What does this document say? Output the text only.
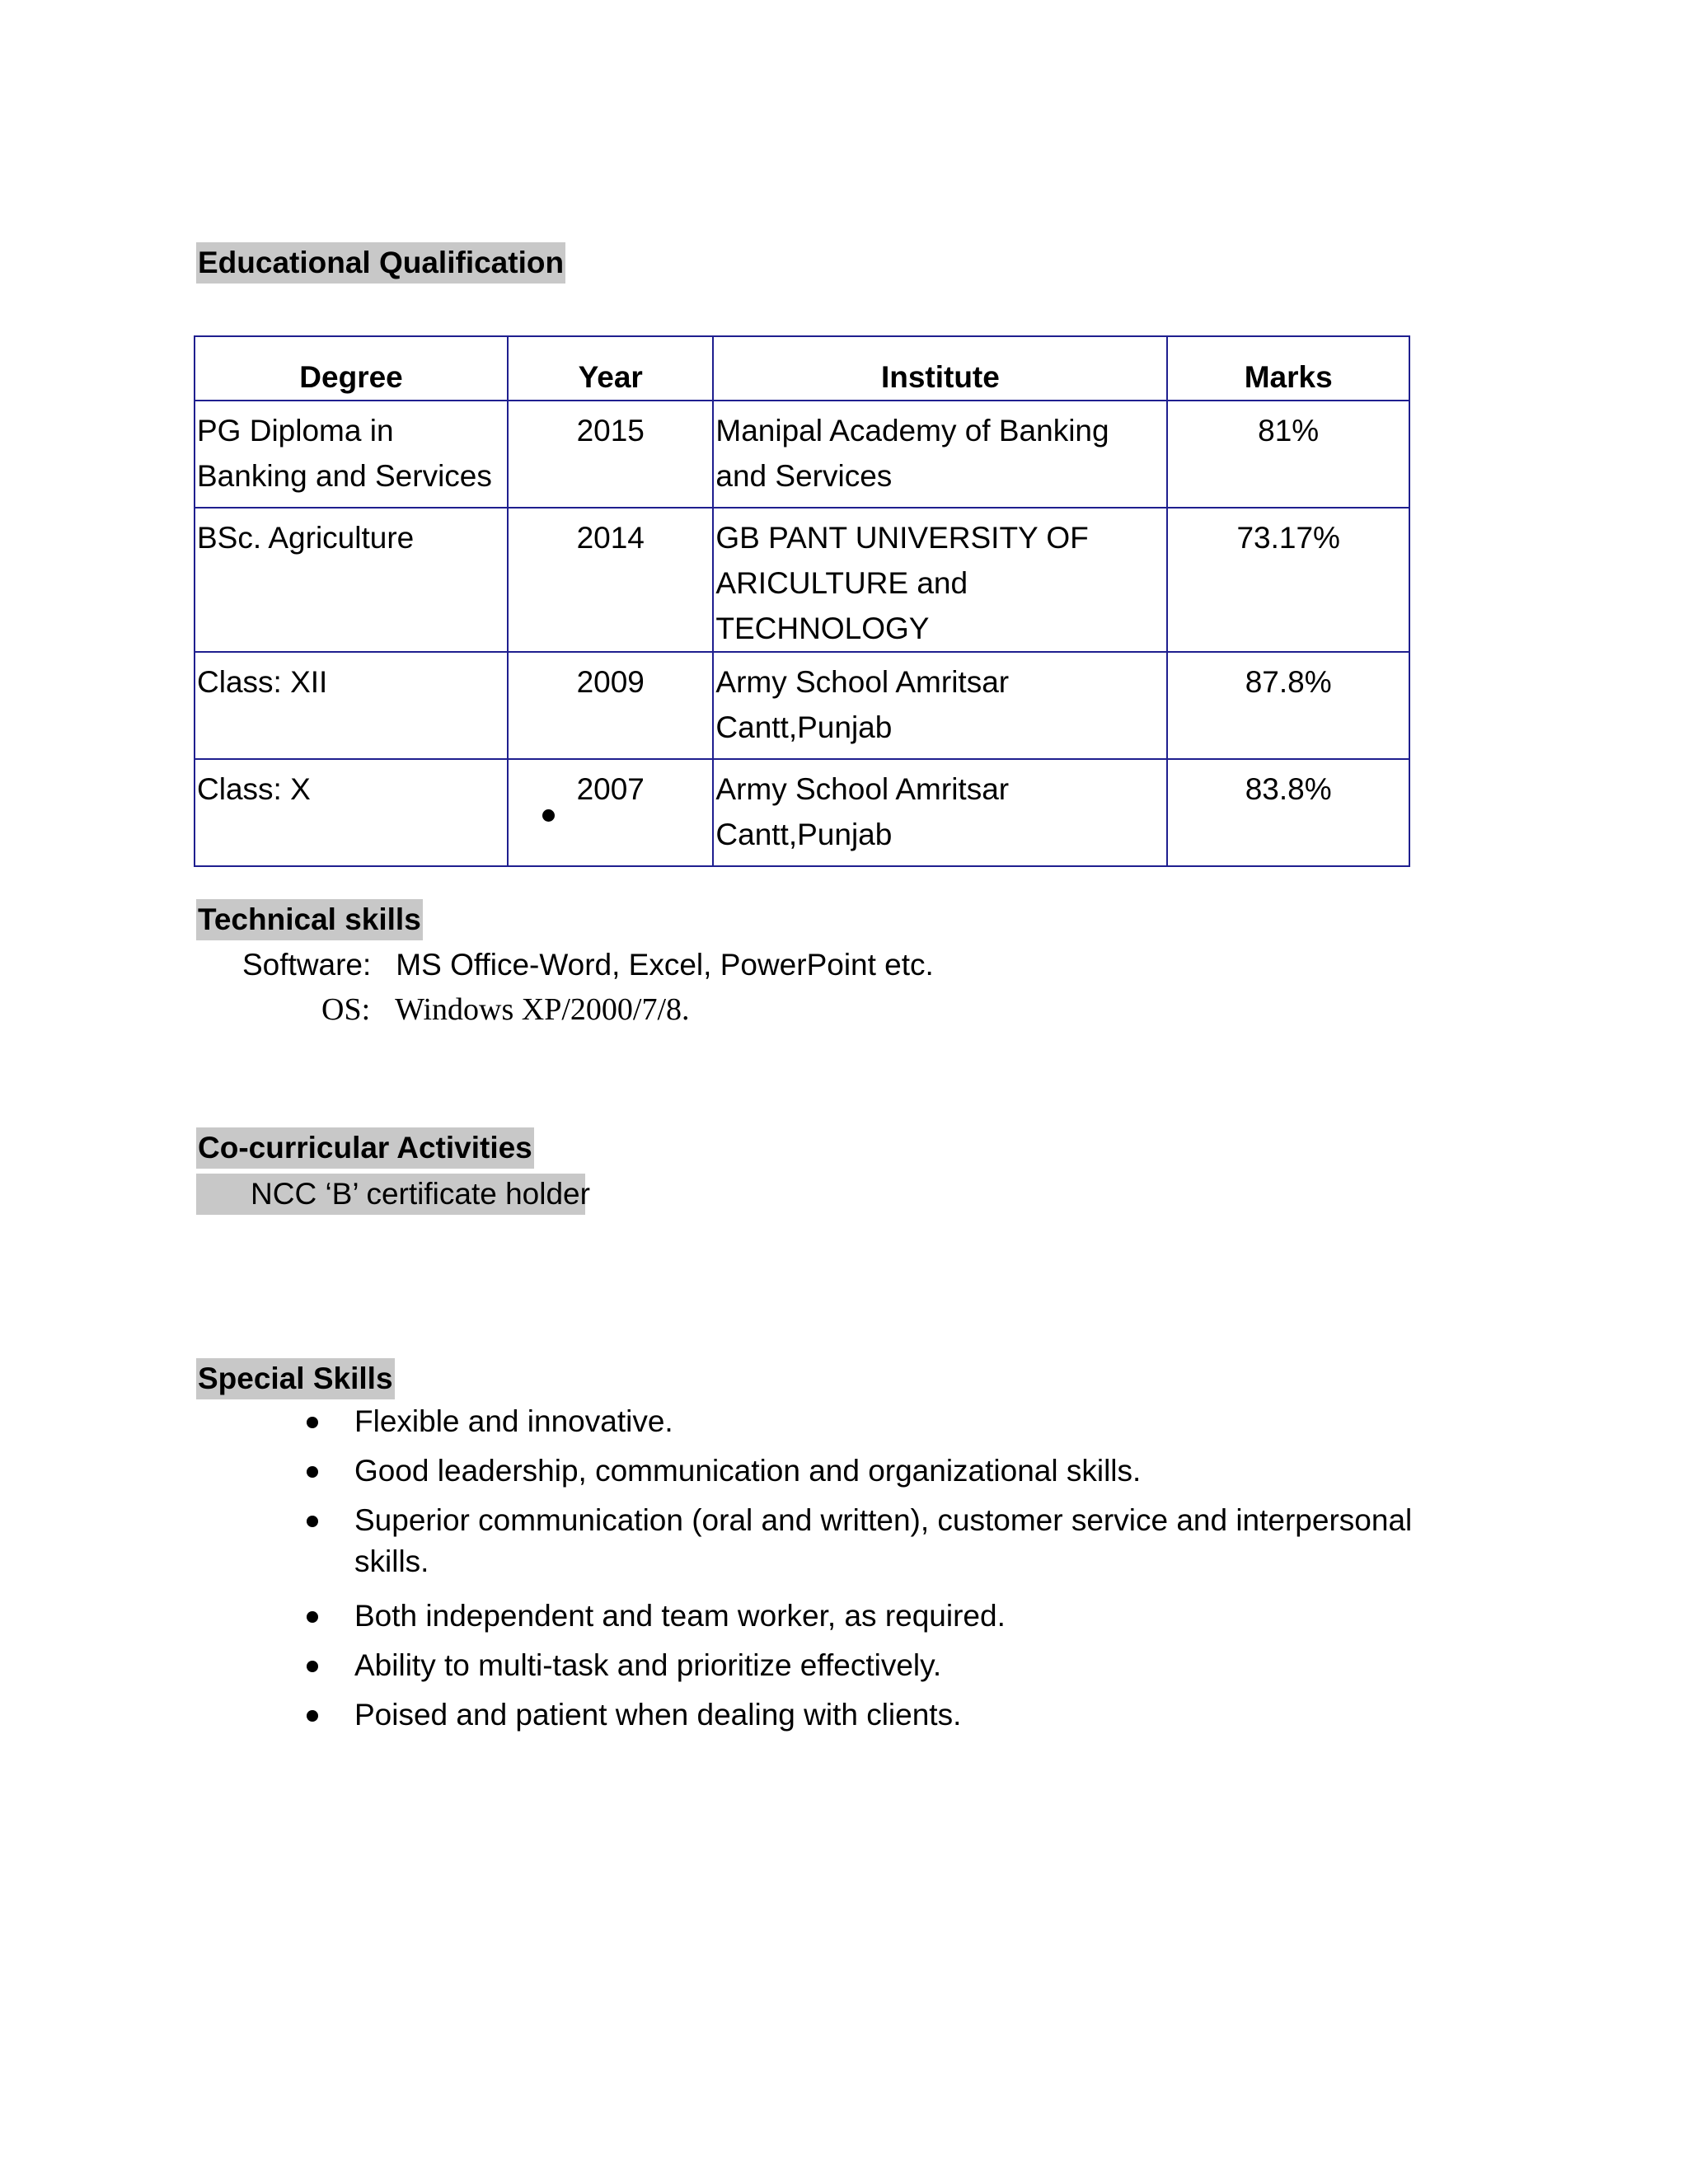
Educational Qualification
Degree	Year	Institute	Marks
PG Diploma in Banking and Services	2015	Manipal Academy of Banking and Services	81%
BSc. Agriculture	2014	GB PANT UNIVERSITY OF ARICULTURE and TECHNOLOGY	73.17%
Class: XII	2009	Army School Amritsar Cantt,Punjab	87.8%
Class: X	2007	Army School Amritsar Cantt,Punjab	83.8%
Technical skills
Software: MS Office-Word, Excel, PowerPoint etc.
OS: Windows XP/2000/7/8.
Co-curricular Activities
NCC ‘B’ certificate holder
Special Skills
Flexible and innovative.
Good leadership, communication and organizational skills.
Superior communication (oral and written), customer service and interpersonal skills.
Both independent and team worker, as required.
Ability to multi-task and prioritize effectively.
Poised and patient when dealing with clients.
